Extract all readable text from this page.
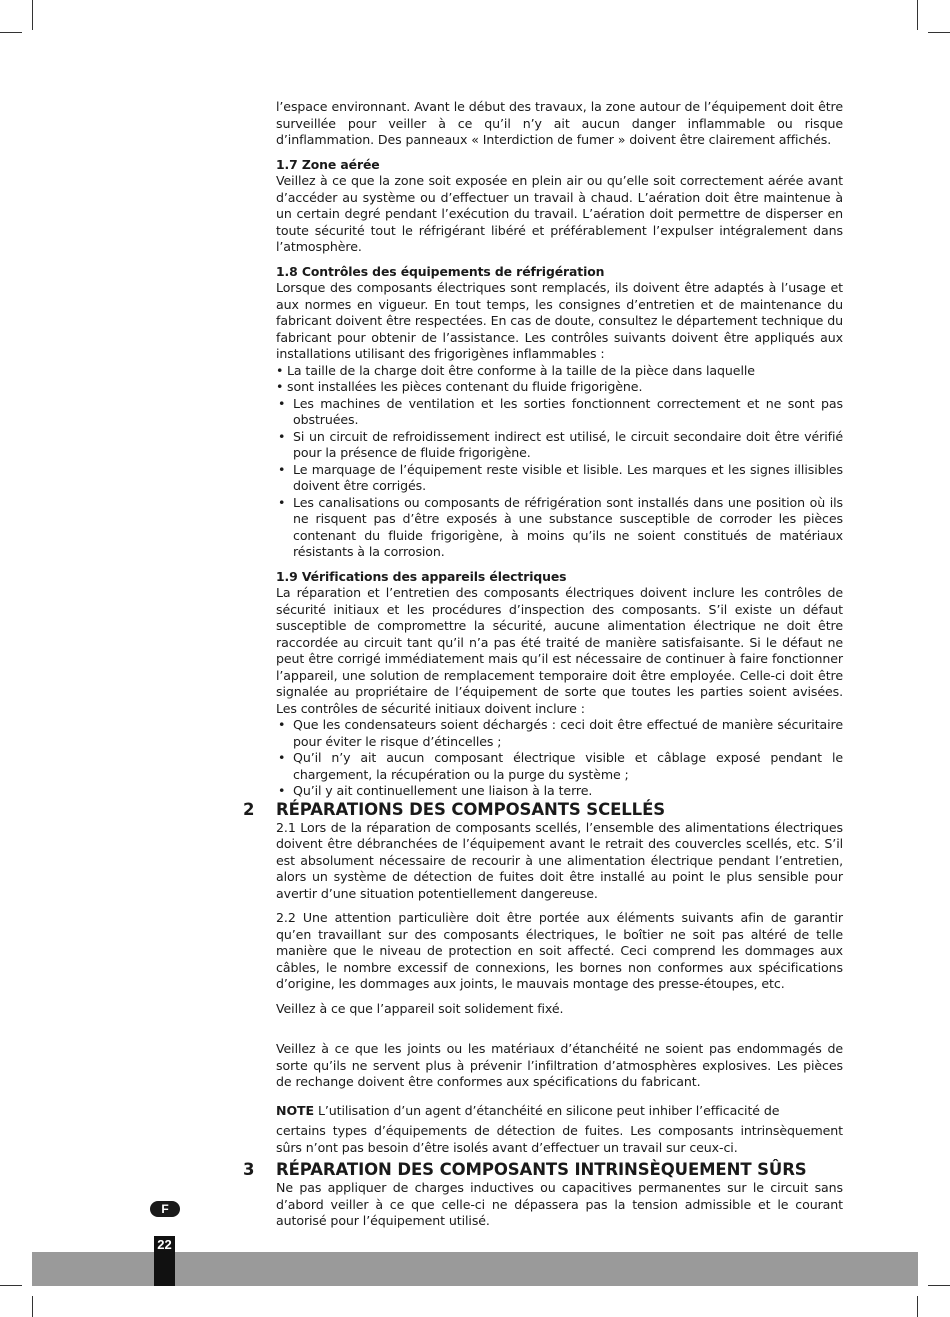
l’espace environnant. Avant le début des travaux, la zone autour de l’équipement doit être surveillée pour veiller à ce qu’il n’y ait aucun danger inflammable ou risque d’inflammation. Des panneaux « Interdiction de fumer » doivent être clairement affichés.

1.7 Zone aérée

Veillez à ce que la zone soit exposée en plein air ou qu’elle soit correctement aérée avant d’accéder au système ou d’effectuer un travail à chaud. L’aération doit être maintenue à un certain degré pendant l’exécution du travail. L’aération doit permettre de disperser en toute sécurité tout le réfrigérant libéré et préférablement l’expulser intégralement dans l’atmosphère.

1.8 Contrôles des équipements de réfrigération

Lorsque des composants électriques sont remplacés, ils doivent être adaptés à l’usage et aux normes en vigueur. En tout temps, les consignes d’entretien et de maintenance du fabricant doivent être respectées. En cas de doute, consultez le département technique du fabricant pour obtenir de l’assistance. Les contrôles suivants doivent être appliqués aux installations utilisant des frigorigènes inflammables :

• La taille de la charge doit être conforme à la taille de la pièce dans laquelle
• sont installées les pièces contenant du fluide frigorigène.
• Les machines de ventilation et les sorties fonctionnent correctement et ne sont pas obstruées.
• Si un circuit de refroidissement indirect est utilisé, le circuit secondaire doit être vérifié pour la présence de fluide frigorigène.
• Le marquage de l’équipement reste visible et lisible. Les marques et les signes illisibles doivent être corrigés.
• Les canalisations ou composants de réfrigération sont installés dans une position où ils ne risquent pas d’être exposés à une substance susceptible de corroder les pièces contenant du fluide frigorigène, à moins qu’ils ne soient constitués de matériaux résistants à la corrosion.

1.9 Vérifications des appareils électriques

La réparation et l’entretien des composants électriques doivent inclure les contrôles de sécurité initiaux et les procédures d’inspection des composants. S’il existe un défaut susceptible de compromettre la sécurité, aucune alimentation électrique ne doit être raccordée au circuit tant qu’il n’a pas été traité de manière satisfaisante. Si le défaut ne peut être corrigé immédiatement mais qu’il est nécessaire de continuer à faire fonctionner l’appareil, une solution de remplacement temporaire doit être employée. Celle-ci doit être signalée au propriétaire de l’équipement de sorte que toutes les parties soient avisées. Les contrôles de sécurité initiaux doivent inclure :

• Que les condensateurs soient déchargés : ceci doit être effectué de manière sécuritaire pour éviter le risque d’étincelles ;
• Qu’il n’y ait aucun composant électrique visible et câblage exposé pendant le chargement, la récupération ou la purge du système ;
• Qu’il y ait continuellement une liaison à la terre.
2 RÉPARATIONS DES COMPOSANTS SCELLÉS

2.1 Lors de la réparation de composants scellés, l’ensemble des alimentations électriques doivent être débranchées de l’équipement avant le retrait des couvercles scellés, etc. S’il est absolument nécessaire de recourir à une alimentation électrique pendant l’entretien, alors un système de détection de fuites doit être installé au point le plus sensible pour avertir d’une situation potentiellement dangereuse.

2.2 Une attention particulière doit être portée aux éléments suivants afin de garantir qu’en travaillant sur des composants électriques, le boîtier ne soit pas altéré de telle manière que le niveau de protection en soit affecté. Ceci comprend les dommages aux câbles, le nombre excessif de connexions, les bornes non conformes aux spécifications d’origine, les dommages aux joints, le mauvais montage des presse-étoupes, etc.

Veillez à ce que l’appareil soit solidement fixé.

Veillez à ce que les joints ou les matériaux d’étanchéité ne soient pas endommagés de sorte qu’ils ne servent plus à prévenir l’infiltration d’atmosphères explosives. Les pièces de rechange doivent être conformes aux spécifications du fabricant.

NOTE L’utilisation d’un agent d’étanchéité en silicone peut inhiber l’efficacité de

certains types d’équipements de détection de fuites. Les composants intrinsèquement sûrs n’ont pas besoin d’être isolés avant d’effectuer un travail sur ceux-ci.

3 RÉPARATION DES COMPOSANTS INTRINSÈQUEMENT SÛRS

Ne pas appliquer de charges inductives ou capacitives permanentes sur le circuit sans d’abord veiller à ce que celle-ci ne dépassera pas la tension admissible et le courant autorisé pour l’équipement utilisé.

F
22
